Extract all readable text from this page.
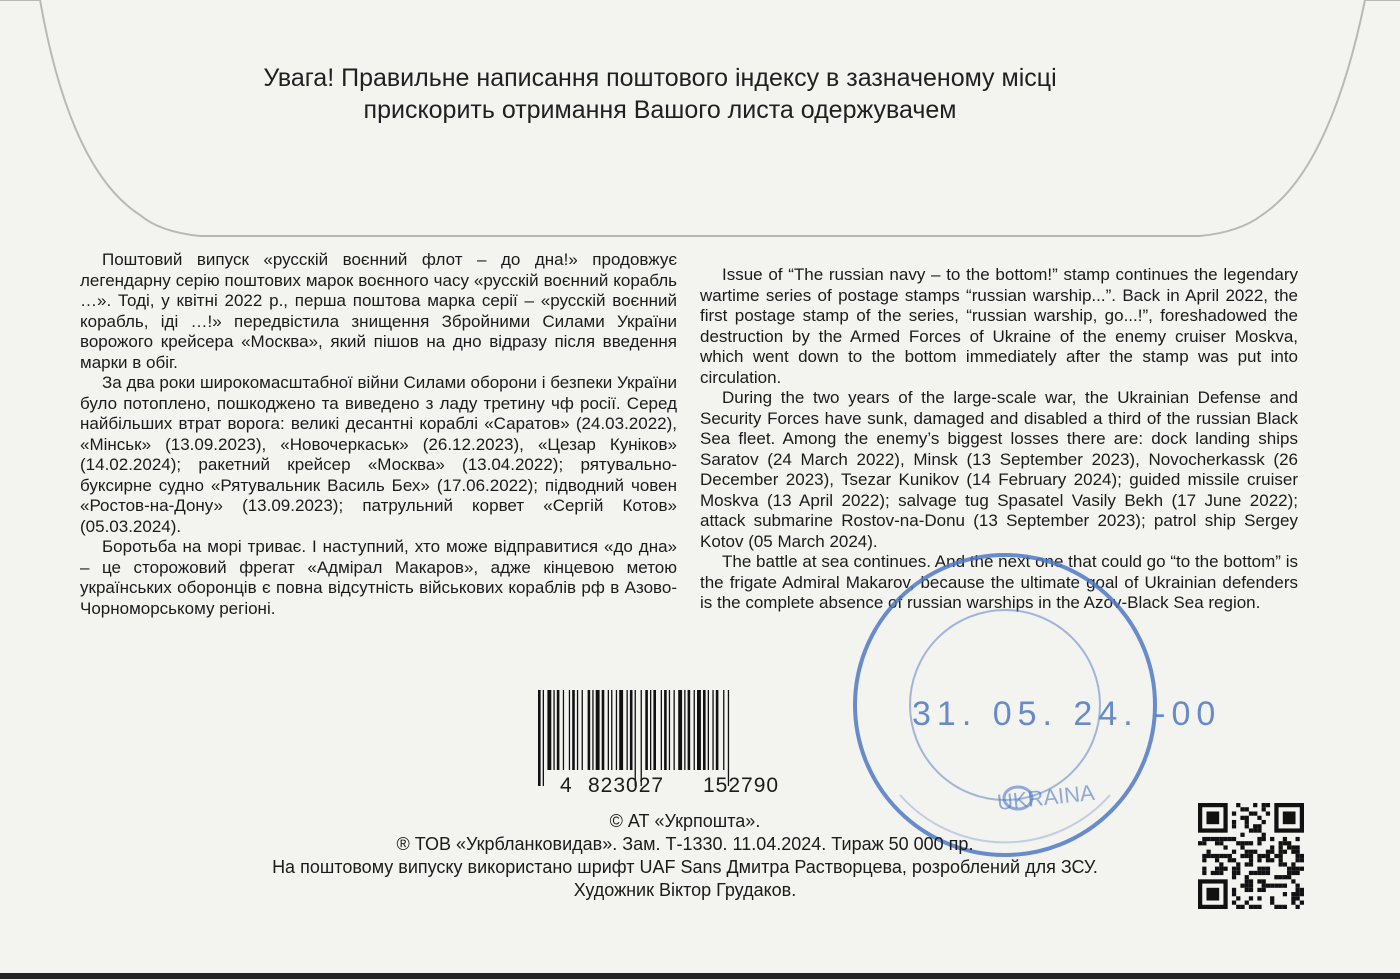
Увага! Правильне написання поштового індексу в зазначеному місці
прискорить отримання Вашого листа одержувачем

Поштовий випуск «русскій воєнний флот – до дна!» продовжує легендарну серію поштових марок воєнного часу «русскій воєнний корабль …». Тоді, у квітні 2022 р., перша поштова марка серії – «русскій воєнний корабль, іді …!» передвістила знищення Збройними Силами України ворожого крейсера «Москва», який пішов на дно відразу після введення марки в обіг.

За два роки широкомасштабної війни Силами оборони і безпеки України було потоплено, пошкоджено та виведено з ладу третину чф росії. Серед найбільших втрат ворога: великі десантні кораблі «Саратов» (24.03.2022), «Мінськ» (13.09.2023), «Новочеркаськ» (26.12.2023), «Цезар Куніков» (14.02.2024); ракетний крейсер «Москва» (13.04.2022); рятувально-буксирне судно «Рятувальник Василь Бех» (17.06.2022); підводний човен «Ростов-на-Дону» (13.09.2023); патрульний корвет «Сергій Котов» (05.03.2024).

Боротьба на морі триває. І наступний, хто може відправитися «до дна» – це сторожовий фрегат «Адмірал Макаров», адже кінцевою метою українських оборонців є повна відсутність військових кораблів рф в Азово-Чорноморському регіоні.

Issue of “The russian navy – to the bottom!” stamp continues the legendary wartime series of postage stamps “russian warship...”. Back in April 2022, the first postage stamp of the series, “russian warship, go...!”, foreshadowed the destruction by the Armed Forces of Ukraine of the enemy cruiser Moskva, which went down to the bottom immediately after the stamp was put into circulation.

During the two years of the large-scale war, the Ukrainian Defense and Security Forces have sunk, damaged and disabled a third of the russian Black Sea fleet. Among the enemy’s biggest losses there are: dock landing ships Saratov (24 March 2022), Minsk (13 September 2023), Novocherkassk (26 December 2023), Tsezar Kunikov (14 February 2024); guided missile cruiser Moskva (13 April 2022); salvage tug Spasatel Vasily Bekh (17 June 2022); attack submarine Rostov-na-Donu (13 September 2023); patrol ship Sergey Kotov (05 March 2024).

The battle at sea continues. And the next one that could go “to the bottom” is the frigate Admiral Makarov, because the ultimate goal of Ukrainian defenders is the complete absence of russian warships in the Azov-Black Sea region.

31. 05. 24. -00
UKRAINA
4 823027 152790
© АТ «Укрпошта».
® ТОВ «Укрбланковидав». Зам. Т-1330. 11.04.2024. Тираж 50 000 пр.
На поштовому випуску використано шрифт UAF Sans Дмитра Растворцева, розроблений для ЗСУ.
Художник Віктор Грудаков.
